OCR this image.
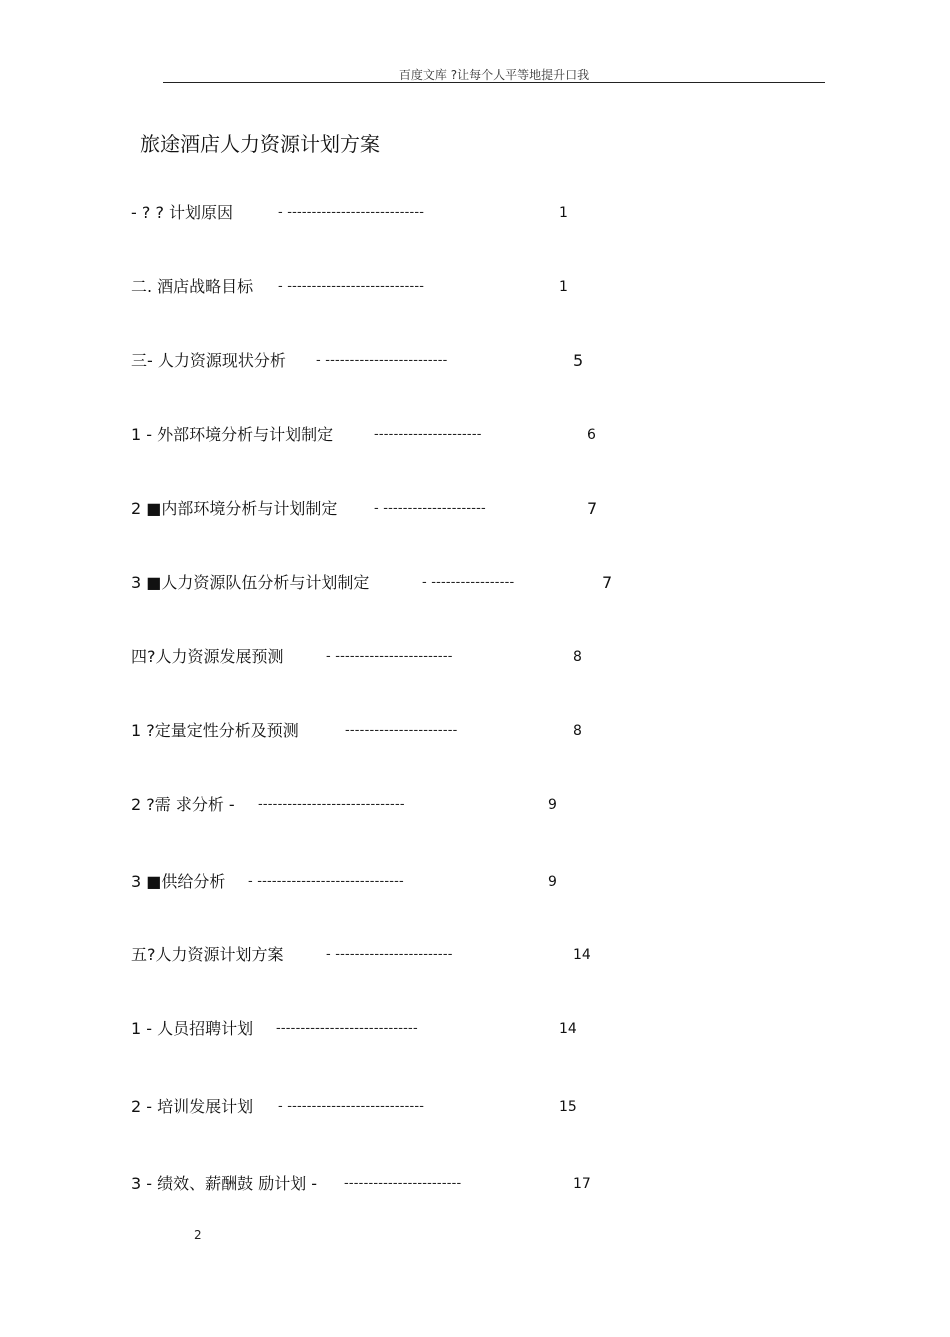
百度文库 ?让每个人平等地提升口我
旅途酒店人力资源计划方案
- ? ? 计划原因	- ----------------------------	1
二. 酒店战略目标 - ----------------------------	1
三- 人力资源现状分析 - -------------------------	5
1 - 外部环境分析与计划制定	----------------------	6
2 ■内部环境分析与计划制定	- ---------------------	7
3 ■人力资源队伍分析与计划制定	- -----------------	7
四?人力资源发展预测	- ------------------------	8
1 ?定量定性分析及预测	-----------------------	8
2 ?需 求分析 - ------------------------------	9
3 ■供给分析 - ------------------------------	9
五?人力资源计划方案	- ------------------------	14
1 - 人员招聘计划 -----------------------------	14
2 - 培训发展计划 - ----------------------------	15
3 - 绩效、薪酬鼓 励计划 - ------------------------	17
2
